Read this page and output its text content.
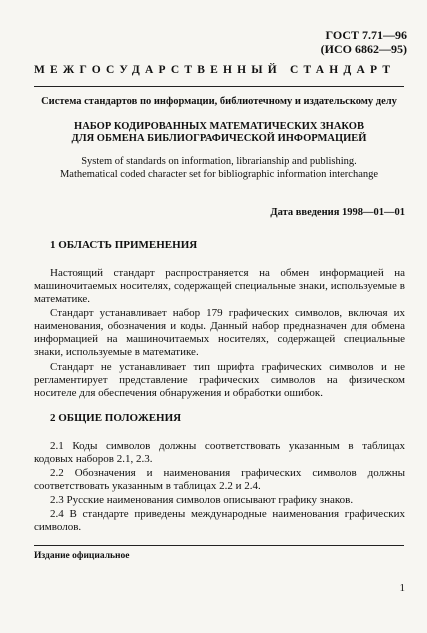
ГОСТ 7.71—96
(ИСО 6862—95)
МЕЖГОСУДАРСТВЕННЫЙ СТАНДАРТ
Система стандартов по информации, библиотечному и издательскому делу
НАБОР КОДИРОВАННЫХ МАТЕМАТИЧЕСКИХ ЗНАКОВ
ДЛЯ ОБМЕНА БИБЛИОГРАФИЧЕСКОЙ ИНФОРМАЦИЕЙ
System of standards on information, librarianship and publishing.
Mathematical coded character set for bibliographic information interchange
Дата введения 1998—01—01
1 ОБЛАСТЬ ПРИМЕНЕНИЯ
Настоящий стандарт распространяется на обмен информацией на машиночитаемых носителях, содержащей специальные знаки, используемые в математике.
Стандарт устанавливает набор 179 графических символов, включая их наименования, обозначения и коды. Данный набор предназначен для обмена информацией на машиночитаемых носителях, содержащей специальные знаки, используемые в математике.
Стандарт не устанавливает тип шрифта графических символов и не регламентирует представление графических символов на физическом носителе для обеспечения обнаружения и обработки ошибок.
2 ОБЩИЕ ПОЛОЖЕНИЯ
2.1 Коды символов должны соответствовать указанным в таблицах кодовых наборов 2.1, 2.3.
2.2 Обозначения и наименования графических символов должны соответствовать указанным в таблицах 2.2 и 2.4.
2.3 Русские наименования символов описывают графику знаков.
2.4 В стандарте приведены международные наименования графических символов.
Издание официальное
1
